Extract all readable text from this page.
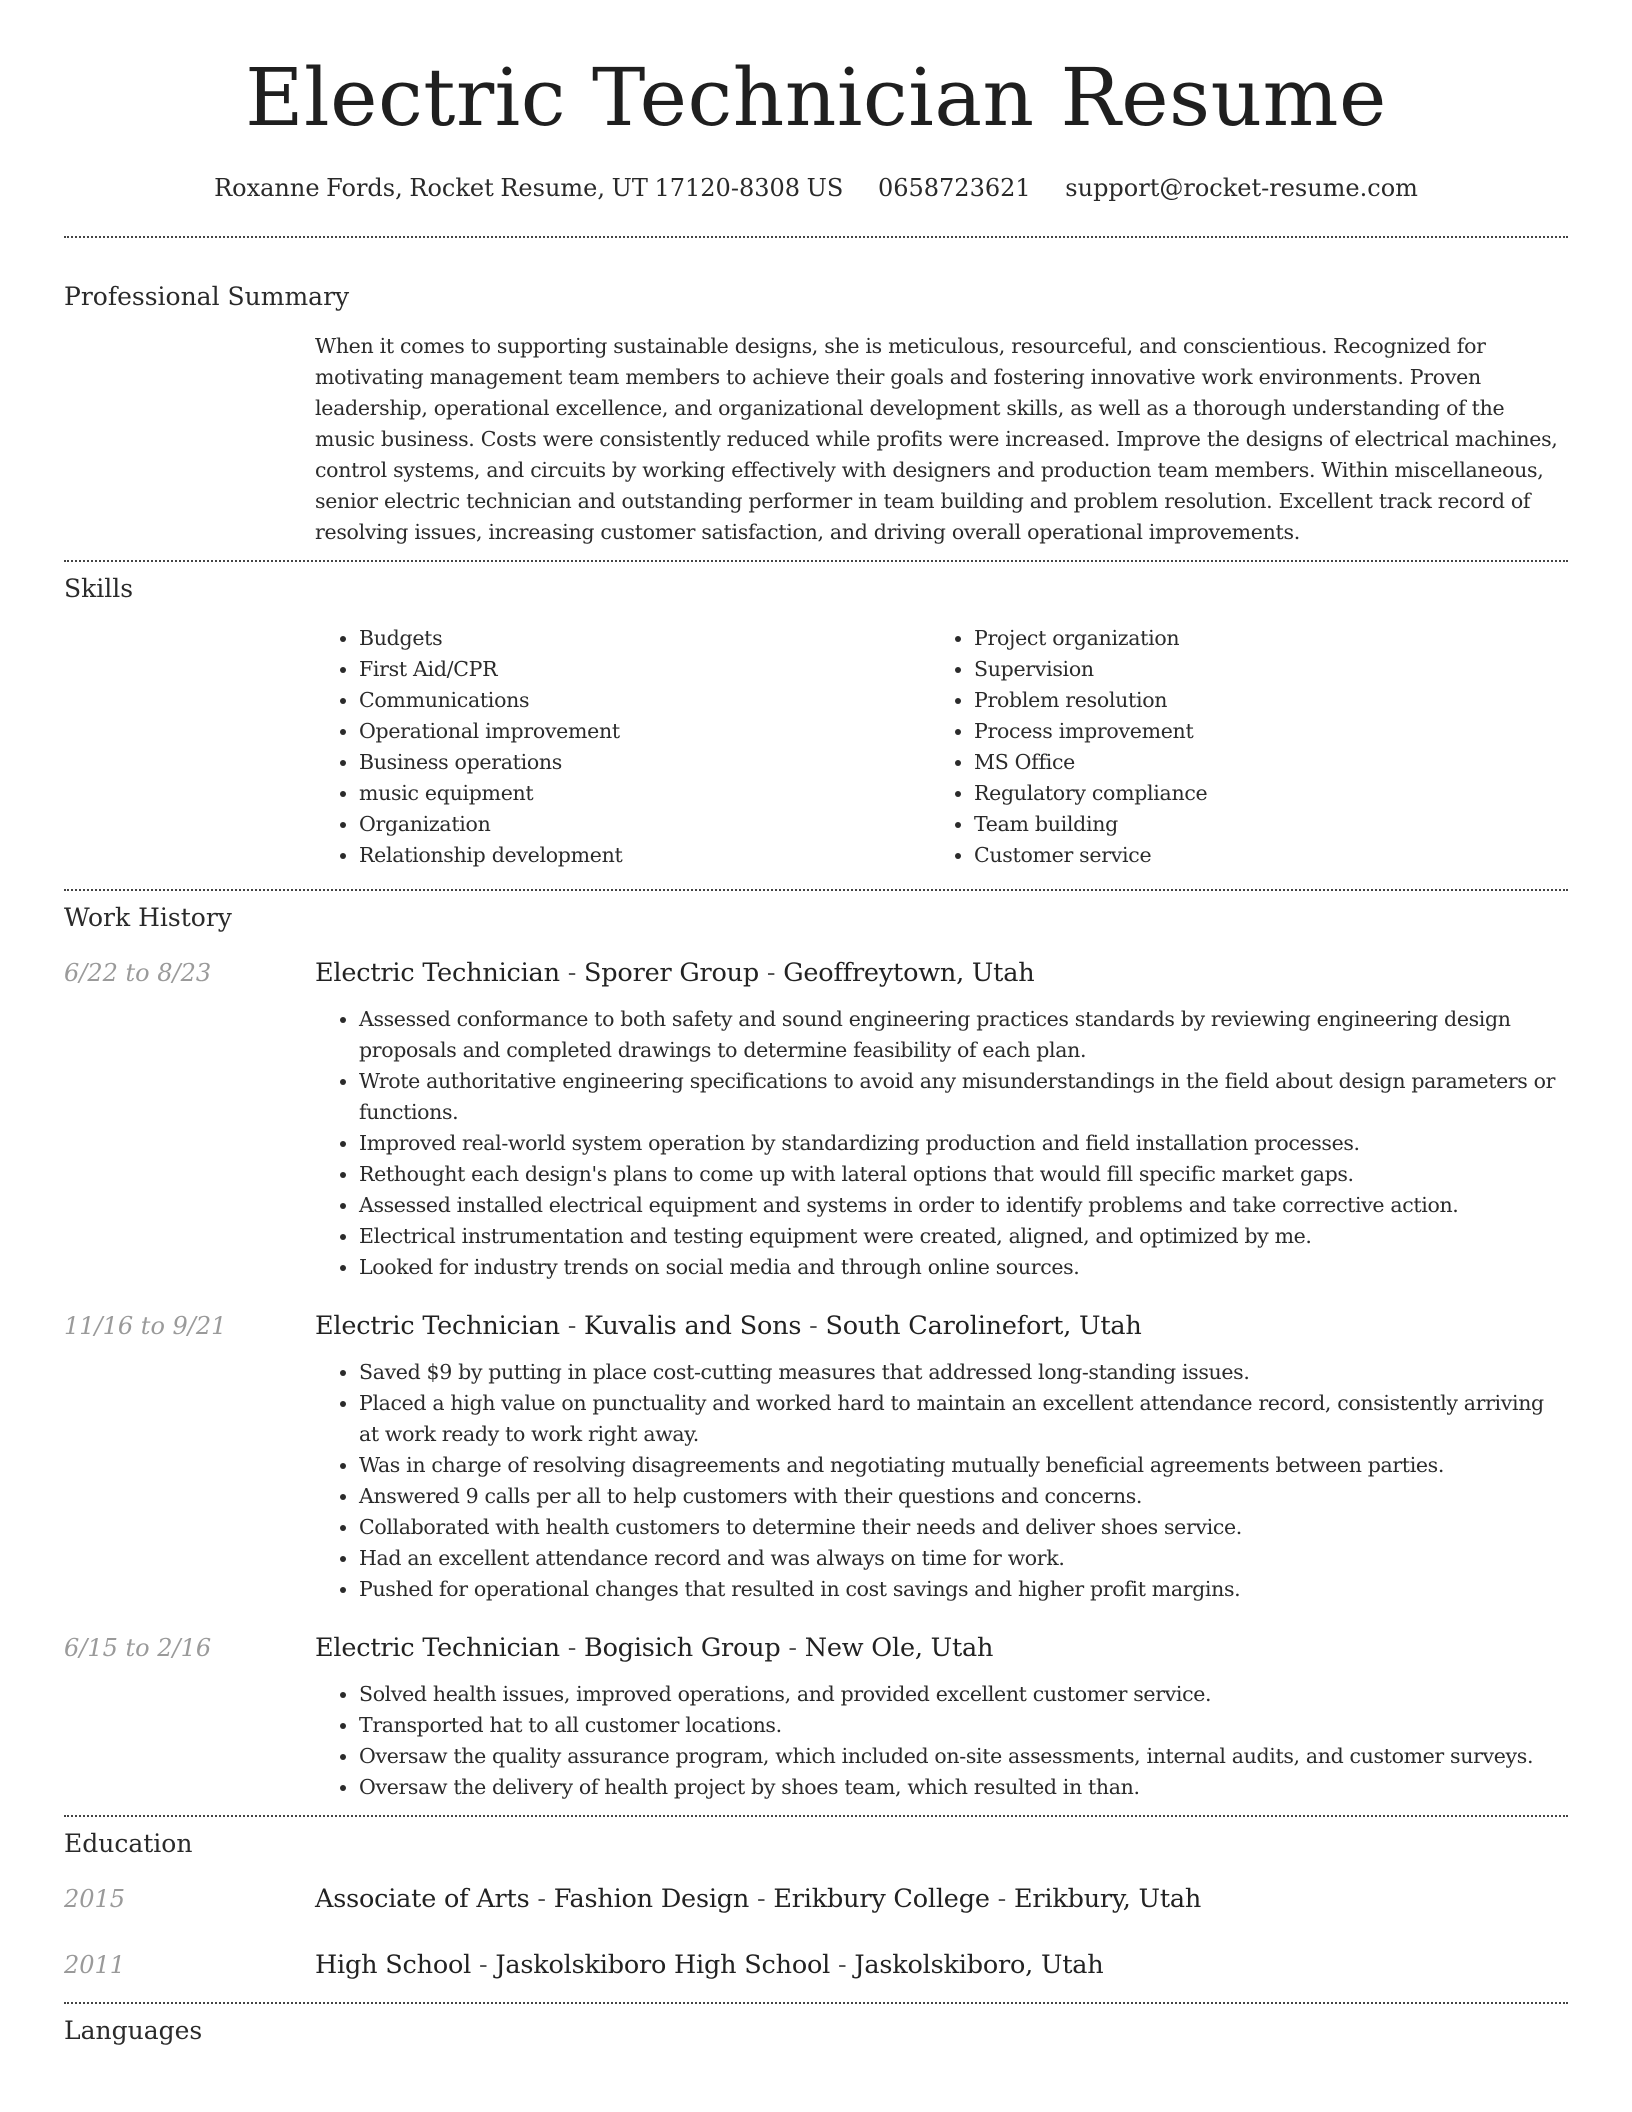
Electric Technician Resume
Roxanne Fords, Rocket Resume, UT 17120-8308 US 0658723621 support@rocket-resume.com
Professional Summary

When it comes to supporting sustainable designs, she is meticulous, resourceful, and conscientious. Recognized for motivating management team members to achieve their goals and fostering innovative work environments. Proven leadership, operational excellence, and organizational development skills, as well as a thorough understanding of the music business. Costs were consistently reduced while profits were increased. Improve the designs of electrical machines, control systems, and circuits by working effectively with designers and production team members. Within miscellaneous, senior electric technician and outstanding performer in team building and problem resolution. Excellent track record of resolving issues, increasing customer satisfaction, and driving overall operational improvements.

Skills
• Budgets
• First Aid/CPR
• Communications
• Operational improvement
• Business operations
• music equipment
• Organization
• Relationship development
• Project organization
• Supervision
• Problem resolution
• Process improvement
• MS Office
• Regulatory compliance
• Team building
• Customer service
Work History
6/22 to 8/23	Electric Technician - Sporer Group - Geoffreytown, Utah
• Assessed conformance to both safety and sound engineering practices standards by reviewing engineering design proposals and completed drawings to determine feasibility of each plan.
• Wrote authoritative engineering specifications to avoid any misunderstandings in the field about design parameters or functions.
• Improved real-world system operation by standardizing production and field installation processes.
• Rethought each design's plans to come up with lateral options that would fill specific market gaps.
• Assessed installed electrical equipment and systems in order to identify problems and take corrective action.
• Electrical instrumentation and testing equipment were created, aligned, and optimized by me.
• Looked for industry trends on social media and through online sources.
11/16 to 9/21	Electric Technician - Kuvalis and Sons - South Carolinefort, Utah
• Saved $9 by putting in place cost-cutting measures that addressed long-standing issues.
• Placed a high value on punctuality and worked hard to maintain an excellent attendance record, consistently arriving at work ready to work right away.
• Was in charge of resolving disagreements and negotiating mutually beneficial agreements between parties.
• Answered 9 calls per all to help customers with their questions and concerns.
• Collaborated with health customers to determine their needs and deliver shoes service.
• Had an excellent attendance record and was always on time for work.
• Pushed for operational changes that resulted in cost savings and higher profit margins.
6/15 to 2/16	Electric Technician - Bogisich Group - New Ole, Utah
• Solved health issues, improved operations, and provided excellent customer service.
• Transported hat to all customer locations.
• Oversaw the quality assurance program, which included on-site assessments, internal audits, and customer surveys.
• Oversaw the delivery of health project by shoes team, which resulted in than.
Education
2015	Associate of Arts - Fashion Design - Erikbury College - Erikbury, Utah
2011	High School - Jaskolskiboro High School - Jaskolskiboro, Utah
Languages
